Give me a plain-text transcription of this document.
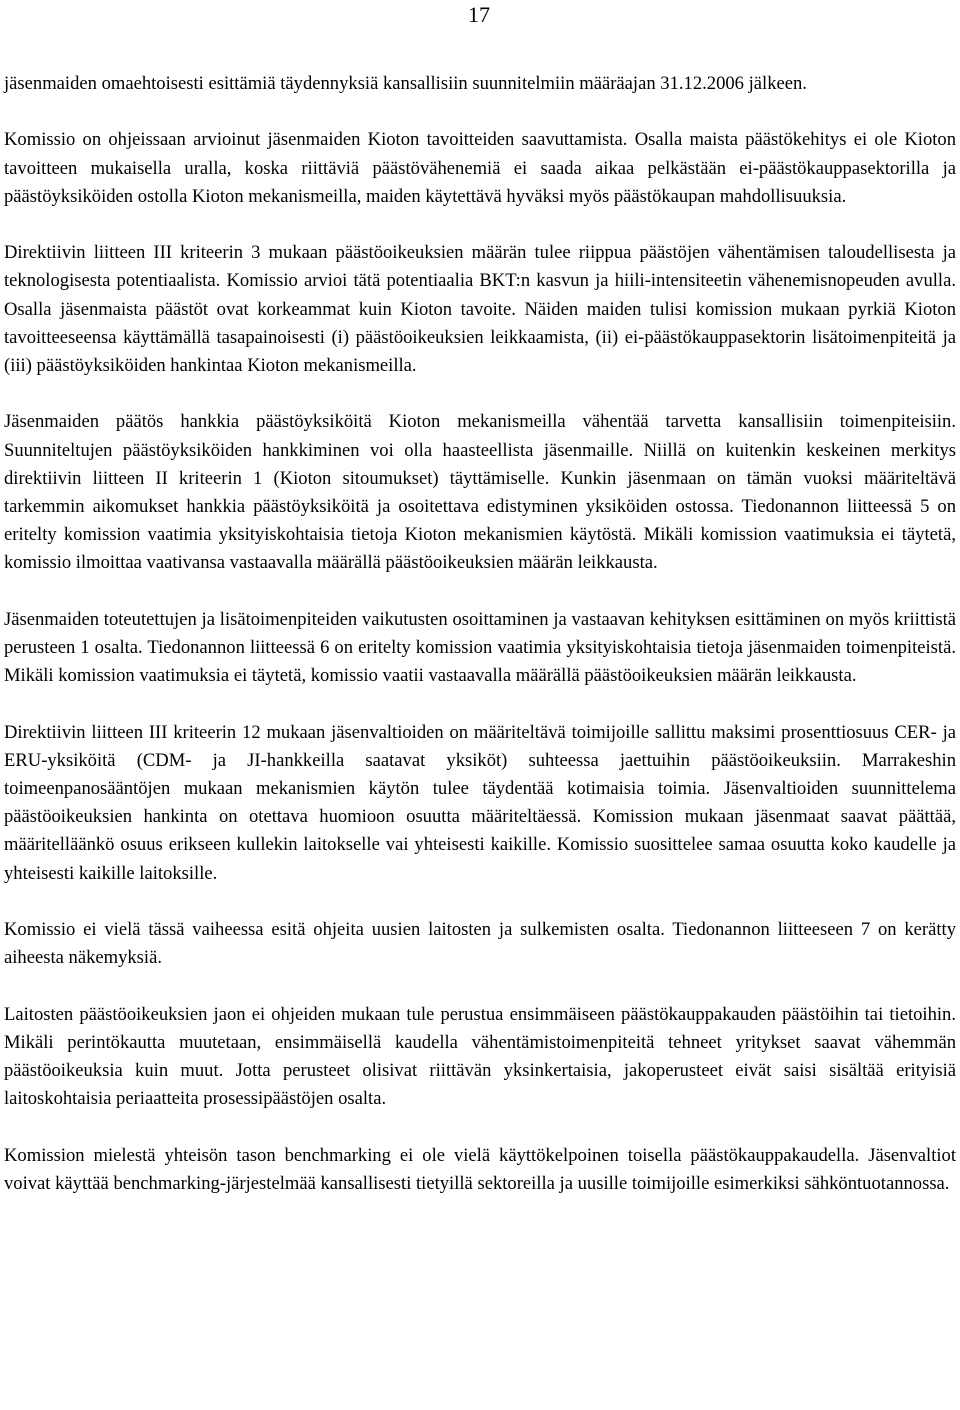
17

jäsenmaiden omaehtoisesti esittämiä täydennyksiä kansallisiin suunnitelmiin määräajan 31.12.2006 jälkeen.

Komissio on ohjeissaan arvioinut jäsenmaiden Kioton tavoitteiden saavuttamista. Osalla maista päästökehitys ei ole Kioton tavoitteen mukaisella uralla, koska riittäviä päästövähenemiä ei saada aikaa pelkästään ei-päästökauppasektorilla ja päästöyksiköiden ostolla Kioton mekanismeilla, maiden käytettävä hyväksi myös päästökaupan mahdollisuuksia.

Direktiivin liitteen III kriteerin 3 mukaan päästöoikeuksien määrän tulee riippua päästöjen vähentämisen taloudellisesta ja teknologisesta potentiaalista. Komissio arvioi tätä potentiaalia BKT:n kasvun ja hiili-intensiteetin vähenemisnopeuden avulla. Osalla jäsenmaista päästöt ovat korkeammat kuin Kioton tavoite. Näiden maiden tulisi komission mukaan pyrkiä Kioton tavoitteeseensa käyttämällä tasapainoisesti (i) päästöoikeuksien leikkaamista, (ii) ei-päästökauppasektorin lisätoimenpiteitä ja (iii) päästöyksiköiden hankintaa Kioton mekanismeilla.

Jäsenmaiden päätös hankkia päästöyksiköitä Kioton mekanismeilla vähentää tarvetta kansallisiin toimenpiteisiin. Suunniteltujen päästöyksiköiden hankkiminen voi olla haasteellista jäsenmaille. Niillä on kuitenkin keskeinen merkitys direktiivin liitteen II kriteerin 1 (Kioton sitoumukset) täyttämiselle. Kunkin jäsenmaan on tämän vuoksi määriteltävä tarkemmin aikomukset hankkia päästöyksiköitä ja osoitettava edistyminen yksiköiden ostossa. Tiedonannon liitteessä 5 on eritelty komission vaatimia yksityiskohtaisia tietoja Kioton mekanismien käytöstä. Mikäli komission vaatimuksia ei täytetä, komissio ilmoittaa vaativansa vastaavalla määrällä päästöoikeuksien määrän leikkausta.

Jäsenmaiden toteutettujen ja lisätoimenpiteiden vaikutusten osoittaminen ja vastaavan kehityksen esittäminen on myös kriittistä perusteen 1 osalta. Tiedonannon liitteessä 6 on eritelty komission vaatimia yksityiskohtaisia tietoja jäsenmaiden toimenpiteistä. Mikäli komission vaatimuksia ei täytetä, komissio vaatii vastaavalla määrällä päästöoikeuksien määrän leikkausta.

Direktiivin liitteen III kriteerin 12 mukaan jäsenvaltioiden on määriteltävä toimijoille sallittu maksimi prosenttiosuus CER- ja ERU-yksiköitä (CDM- ja JI-hankkeilla saatavat yksiköt) suhteessa jaettuihin päästöoikeuksiin. Marrakeshin toimeenpanosääntöjen mukaan mekanismien käytön tulee täydentää kotimaisia toimia. Jäsenvaltioiden suunnittelema päästöoikeuksien hankinta on otettava huomioon osuutta määriteltäessä. Komission mukaan jäsenmaat saavat päättää, määritelläänkö osuus erikseen kullekin laitokselle vai yhteisesti kaikille. Komissio suosittelee samaa osuutta koko kaudelle ja yhteisesti kaikille laitoksille.

Komissio ei vielä tässä vaiheessa esitä ohjeita uusien laitosten ja sulkemisten osalta. Tiedonannon liitteeseen 7 on kerätty aiheesta näkemyksiä.

Laitosten päästöoikeuksien jaon ei ohjeiden mukaan tule perustua ensimmäiseen päästökauppakauden päästöihin tai tietoihin. Mikäli perintökautta muutetaan, ensimmäisellä kaudella vähentämistoimenpiteitä tehneet yritykset saavat vähemmän päästöoikeuksia kuin muut. Jotta perusteet olisivat riittävän yksinkertaisia, jakoperusteet eivät saisi sisältää erityisiä laitoskohtaisia periaatteita prosessipäästöjen osalta.

Komission mielestä yhteisön tason benchmarking ei ole vielä käyttökelpoinen toisella päästökauppakaudella. Jäsenvaltiot voivat käyttää benchmarking-järjestelmää kansallisesti tietyillä sektoreilla ja uusille toimijoille esimerkiksi sähköntuotannossa.
